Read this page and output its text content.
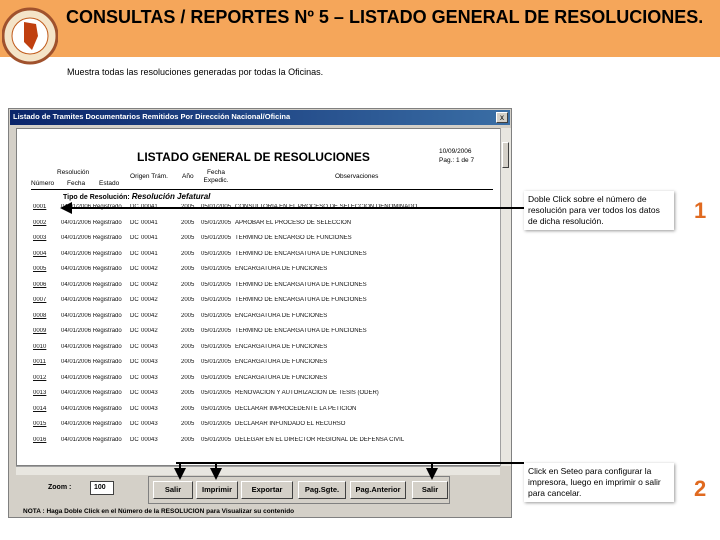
CONSULTAS / REPORTES Nº 5 – LISTADO GENERAL DE RESOLUCIONES.
Muestra todas las resoluciones generadas por todas la Oficinas.
Listado de Tramites Documentarios Remitidos Por Dirección Nacional/Oficina	x
LISTADO GENERAL DE RESOLUCIONES	10/09/2006
Pag.: 1 de 7
Resolución
Número Fecha Estado
Origen Trám. Año
Fecha Expedic.
Observaciones
Tipo de Resolución: Resolución Jefatural
0001 04/01/2006 Registrado DC 00041	2005 05/01/2005 CONSULTORIA EN EL PROCESO DE SELECCION DENOMINADO
0002 04/01/2006 Registrado DC 00041	2005 05/01/2005 APROBAR EL PROCESO DE SELECCION
0003 04/01/2006 Registrado DC 00041	2005 05/01/2005 TERMINO DE ENCARGO DE FUNCIONES
0004 04/01/2006 Registrado DC 00041	2005 05/01/2005 TERMINO DE ENCARGATURA DE FUNCIONES
0005 04/01/2006 Registrado DC 00042	2005 05/01/2005 ENCARGATURA DE FUNCIONES
0006 04/01/2006 Registrado DC 00042	2005 05/01/2005 TERMINO DE ENCARGATURA DE FUNCIONES
0007 04/01/2006 Registrado DC 00042	2005 05/01/2005 TERMINO DE ENCARGATURA DE FUNCIONES
0008 04/01/2006 Registrado DC 00042	2005 05/01/2005 ENCARGATURA DE FUNCIONES
0009 04/01/2006 Registrado DC 00042	2005 05/01/2005 TERMINO DE ENCARGATURA DE FUNCIONES
0010 04/01/2006 Registrado DC 00043	2005 05/01/2005 ENCARGATURA DE FUNCIONES
0011	04/01/2006 Registrado DC 00043	2005 05/01/2005 ENCARGATURA DE FUNCIONES
0012 04/01/2006 Registrado DC 00043	2005 05/01/2005 ENCARGATURA DE FUNCIONES
0013 04/01/2006 Registrado DC 00043	2005 05/01/2005 RENOVACION Y AUTORIZACION DE TESIS (ODER)
0014 04/01/2006 Registrado DC 00043	2005 05/01/2005 DECLARAR IMPROCEDENTE LA PETICION
0015 04/01/2006 Registrado DC 00043	2005 05/01/2005 DECLARAR INFUNDADO EL RECURSO
0016 04/01/2006 Registrado DC 00043	2005 05/01/2005 DELEGAR EN EL DIRECTOR REGIONAL DE DEFENSA CIVIL
Zoom :	100	Salir	Imprimir	Exportar	Pag.Sgte.	Pag.Anterior	Salir
NOTA : Haga Doble Click en el Número de la RESOLUCION para Visualizar su contenido
Doble Click sobre el número de resolución para ver todos los datos de dicha resolución.	1
Click en Seteo para configurar la impresora, luego en imprimir o salir para cancelar.	2
